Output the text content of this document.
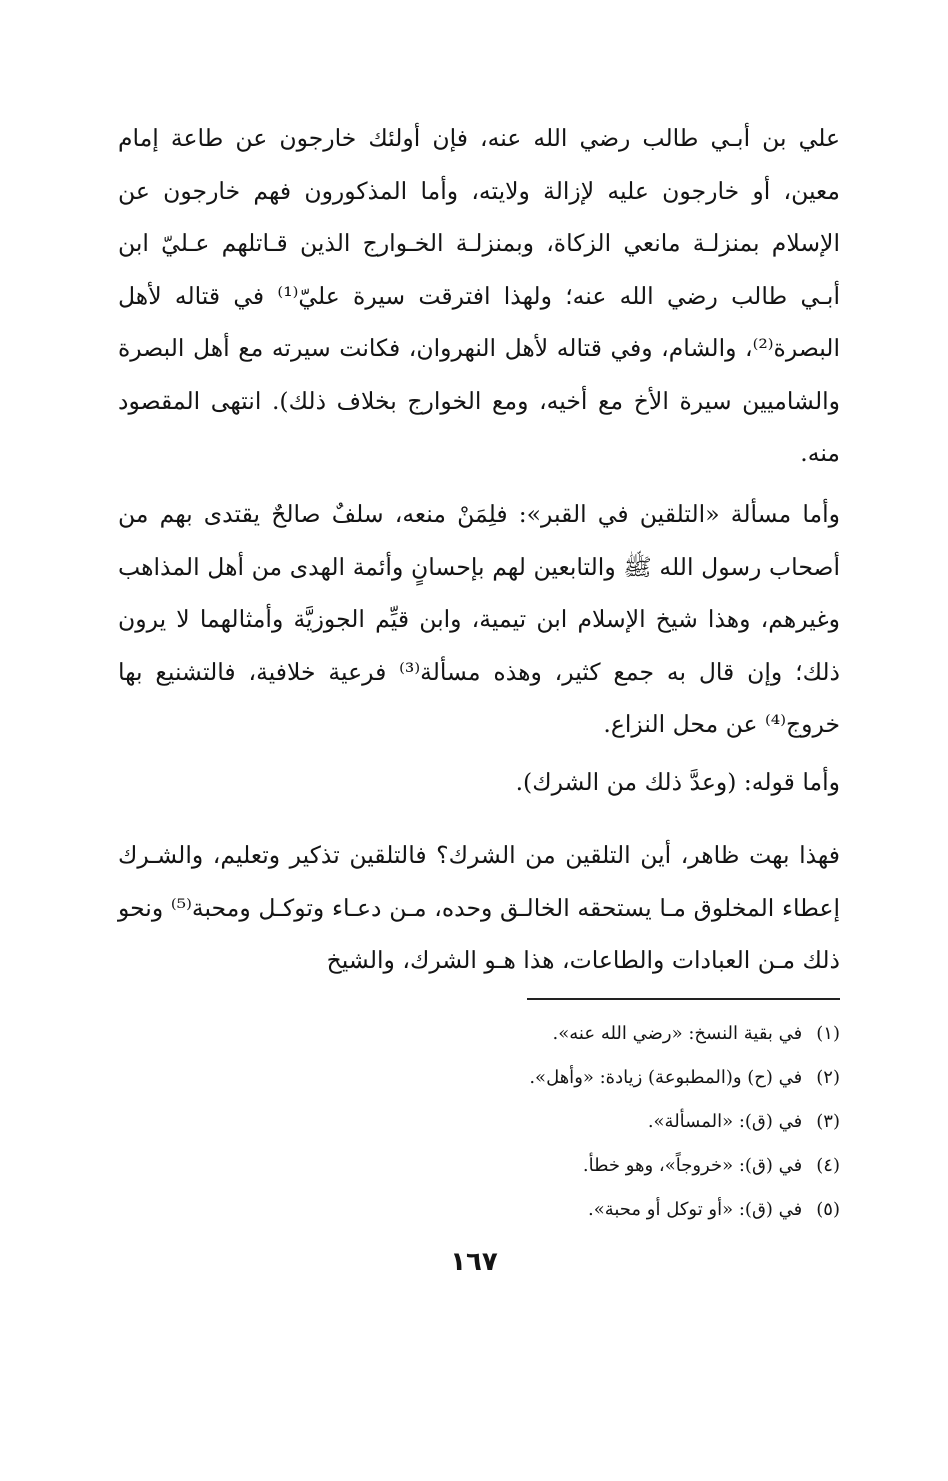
علي بن أبـي طالب رضي الله عنه، فإن أولئك خارجون عن طاعة إمام معين، أو خارجون عليه لإزالة ولايته، وأما المذكورون فهم خارجون عن الإسلام بمنزلـة مانعي الزكاة، وبمنزلـة الخـوارج الذين قـاتلهم عـليّ ابن أبـي طالب رضي الله عنه؛ ولهذا افترقت سيرة عليّ⁽¹⁾ في قتاله لأهل البصرة⁽²⁾، والشام، وفي قتاله لأهل النهروان، فكانت سيرته مع أهل البصرة والشاميين سيرة الأخ مع أخيه، ومع الخوارج بخلاف ذلك). انتهى المقصود منه.

وأما مسألة «التلقين في القبر»: فلِمَنْ منعه، سلفٌ صالحٌ يقتدى بهم من أصحاب رسول الله ﷺ والتابعين لهم بإحسانٍ وأئمة الهدى من أهل المذاهب وغيرهم، وهذا شيخ الإسلام ابن تيمية، وابن قيِّم الجوزيَّة وأمثالهما لا يرون ذلك؛ وإن قال به جمع كثير، وهذه مسألة⁽³⁾ فرعية خلافية، فالتشنيع بها خروج⁽⁴⁾ عن محل النزاع.

وأما قوله: (وعدَّ ذلك من الشرك).

فهذا بهت ظاهر، أين التلقين من الشرك؟ فالتلقين تذكير وتعليم، والشـرك إعطاء المخلوق مـا يستحقه الخالـق وحده، مـن دعـاء وتوكـل ومحبة⁽⁵⁾ ونحو ذلك مـن العبادات والطاعات، هذا هـو الشرك، والشيخ

(١)في بقية النسخ: «رضي الله عنه».
(٢)في (ح) و(المطبوعة) زيادة: «وأهل».
(٣)في (ق): «المسألة».
(٤)في (ق): «خروجاً»، وهو خطأ.
(٥)في (ق): «أو توكل أو محبة».
١٦٧
